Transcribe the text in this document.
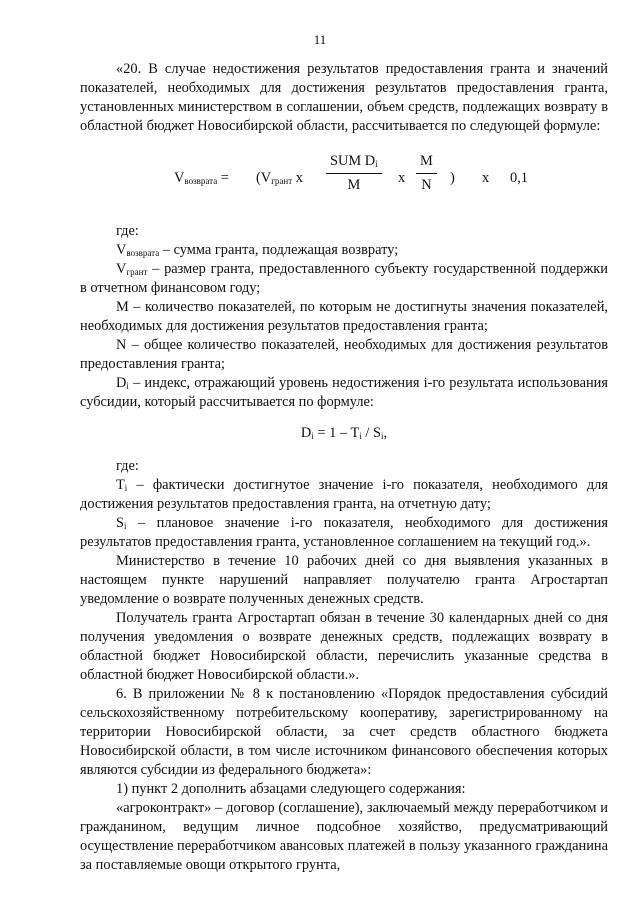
11

«20. В случае недостижения результатов предоставления гранта и значений показателей, необходимых для достижения результатов предоставления гранта, установленных министерством в соглашении, объем средств, подлежащих возврату в областной бюджет Новосибирской области, рассчитывается по следующей формуле:

$V_{возврата} = (V_{грант}$ x
SUM $D_i$
M	x
M
N ) x 0,1

где:

$V_{возврата}$ – сумма гранта, подлежащая возврату;

$V_{грант}$ – размер гранта, предоставленного субъекту государственной поддержки в отчетном финансовом году;

М – количество показателей, по которым не достигнуты значения показателей, необходимых для достижения результатов предоставления гранта;

N – общее количество показателей, необходимых для достижения результатов предоставления гранта;

$D_i$ – индекс, отражающий уровень недостижения i-го результата использования субсидии, который рассчитывается по формуле:

$D_i = 1 - T_i / S_i$,

где:

$T_i$ – фактически достигнутое значение i-го показателя, необходимого для достижения результатов предоставления гранта, на отчетную дату;

$S_i$ – плановое значение i-го показателя, необходимого для достижения результатов предоставления гранта, установленное соглашением на текущий год.».

Министерство в течение 10 рабочих дней со дня выявления указанных в настоящем пункте нарушений направляет получателю гранта Агростартап уведомление о возврате полученных денежных средств.

Получатель гранта Агростартап обязан в течение 30 календарных дней со дня получения уведомления о возврате денежных средств, подлежащих возврату в областной бюджет Новосибирской области, перечислить указанные средства в областной бюджет Новосибирской области.».

6. В приложении № 8 к постановлению «Порядок предоставления субсидий сельскохозяйственному потребительскому кооперативу, зарегистрированному на территории Новосибирской области, за счет средств областного бюджета Новосибирской области, в том числе источником финансового обеспечения которых являются субсидии из федерального бюджета»:

1) пункт 2 дополнить абзацами следующего содержания:

«агроконтракт» – договор (соглашение), заключаемый между переработчиком и гражданином, ведущим личное подсобное хозяйство, предусматривающий осуществление переработчиком авансовых платежей в пользу указанного гражданина за поставляемые овощи открытого грунта,
